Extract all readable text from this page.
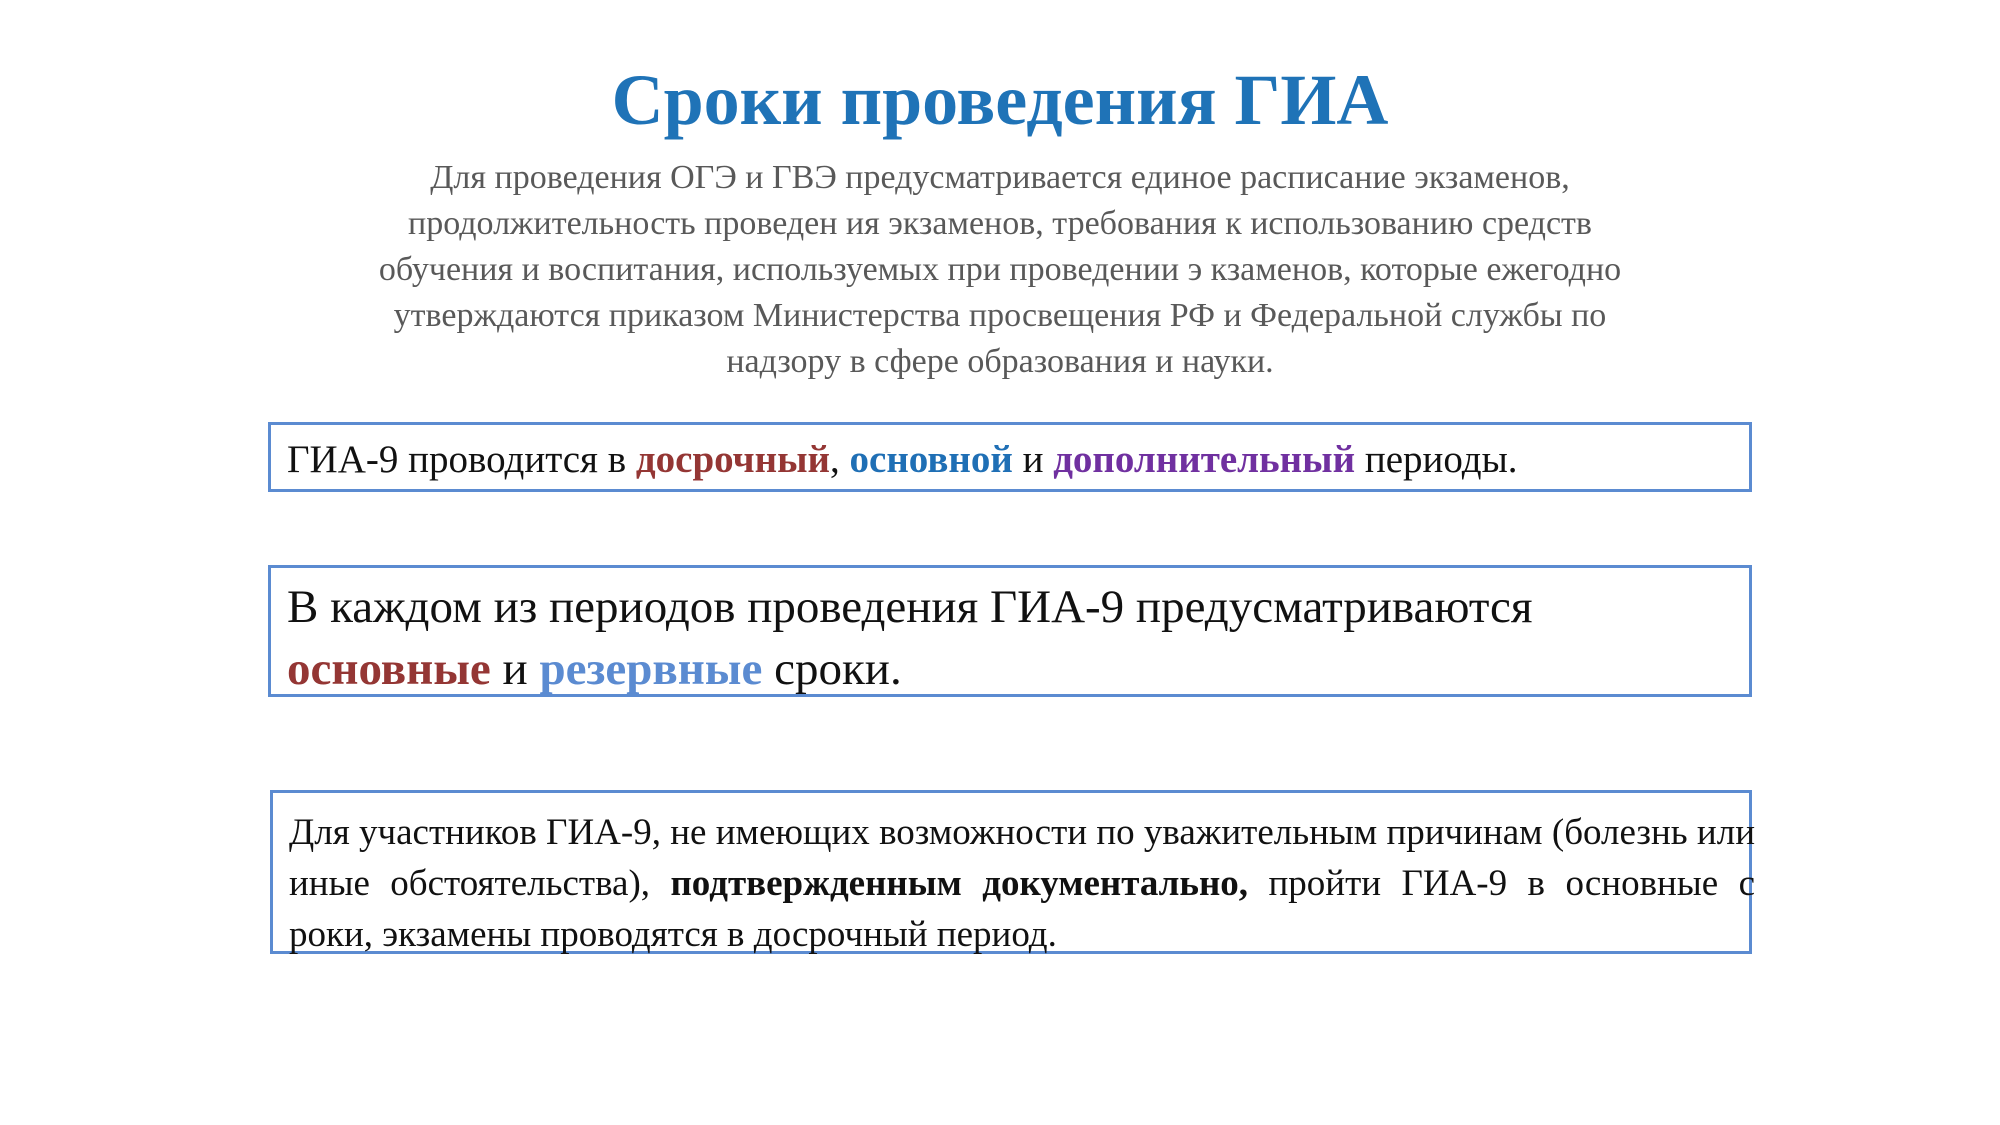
Сроки проведения ГИА

Для проведения ОГЭ и ГВЭ предусматривается единое расписание экзаменов,
продолжительность проведен ия экзаменов, требования к использованию средств
обучения и воспитания, используемых при проведении э кзаменов, которые ежегодно
утверждаются приказом Министерства просвещения РФ и Федеральной службы по
надзору в сфере образования и науки.

ГИА-9 проводится в досрочный, основной и дополнительный периоды.
В каждом из периодов проведения ГИА-9 предусматриваются
основные и резервные сроки.
Для участников ГИА-9, не имеющих возможности по уважительным причинам (болезнь или иные обстоятельства), подтвержденным документально, пройти ГИА-9 в основные с роки, экзамены проводятся в досрочный период.
